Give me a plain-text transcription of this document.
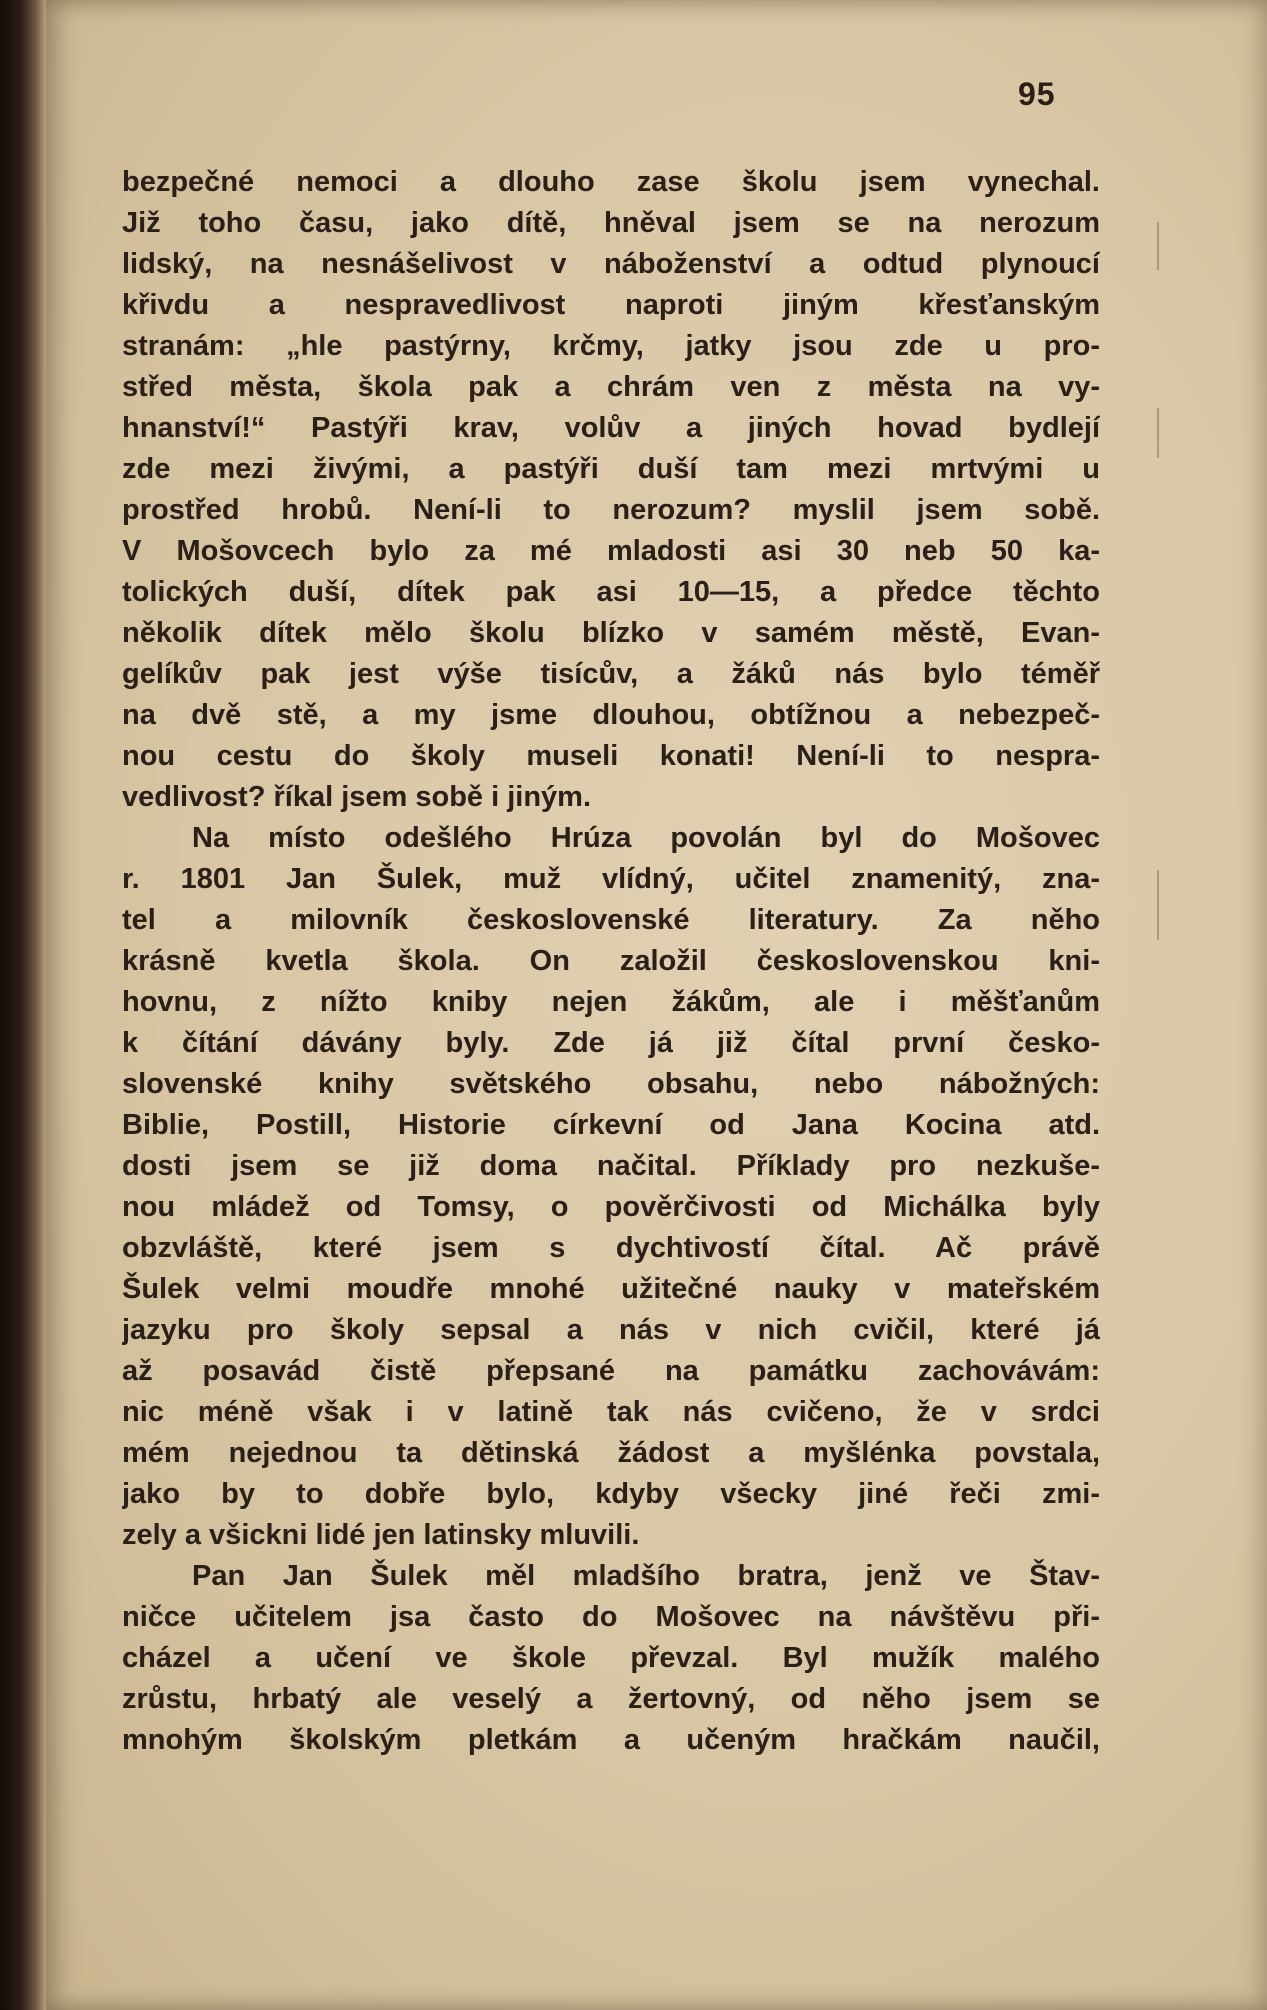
95
bezpečné nemoci a dlouho zase školu jsem vynechal.
Již toho času, jako dítě, hněval jsem se na nerozum
lidský, na nesnášelivost v náboženství a odtud plynoucí
křivdu a nespravedlivost naproti jiným křesťanským
stranám: „hle pastýrny, krčmy, jatky jsou zde u pro-
střed města, škola pak a chrám ven z města na vy-
hnanství!“ Pastýři krav, volův a jiných hovad bydlejí
zde mezi živými, a pastýři duší tam mezi mrtvými u
prostřed hrobů. Není-li to nerozum? myslil jsem sobě.
V Mošovcech bylo za mé mladosti asi 30 neb 50 ka-
tolických duší, dítek pak asi 10—15, a předce těchto
několik dítek mělo školu blízko v samém městě, Evan-
gelíkův pak jest výše tisícův, a žáků nás bylo téměř
na dvě stě, a my jsme dlouhou, obtížnou a nebezpeč-
nou cestu do školy museli konati! Není-li to nespra-
vedlivost? říkal jsem sobě i jiným.
Na místo odešlého Hrúza povolán byl do Mošovec
r. 1801 Jan Šulek, muž vlídný, učitel znamenitý, zna-
tel a milovník československé literatury. Za něho
krásně kvetla škola. On založil československou kni-
hovnu, z nížto kniby nejen žákům, ale i měšťanům
k čítání dávány byly. Zde já již čítal první česko-
slovenské knihy světského obsahu, nebo nábožných:
Biblie, Postill, Historie církevní od Jana Kocina atd.
dosti jsem se již doma načital. Příklady pro nezkuše-
nou mládež od Tomsy, o pověrčivosti od Michálka byly
obzvláště, které jsem s dychtivostí čítal. Ač právě
Šulek velmi moudře mnohé užitečné nauky v mateřském
jazyku pro školy sepsal a nás v nich cvičil, které já
až posavád čistě přepsané na památku zachovávám:
nic méně však i v latině tak nás cvičeno, že v srdci
mém nejednou ta dětinská žádost a myšlénka povstala,
jako by to dobře bylo, kdyby všecky jiné řeči zmi-
zely a všickni lidé jen latinsky mluvili.
Pan Jan Šulek měl mladšího bratra, jenž ve Štav-
ničce učitelem jsa často do Mošovec na návštěvu při-
cházel a učení ve škole převzal. Byl mužík malého
zrůstu, hrbatý ale veselý a žertovný, od něho jsem se
mnohým školským pletkám a učeným hračkám naučil,
